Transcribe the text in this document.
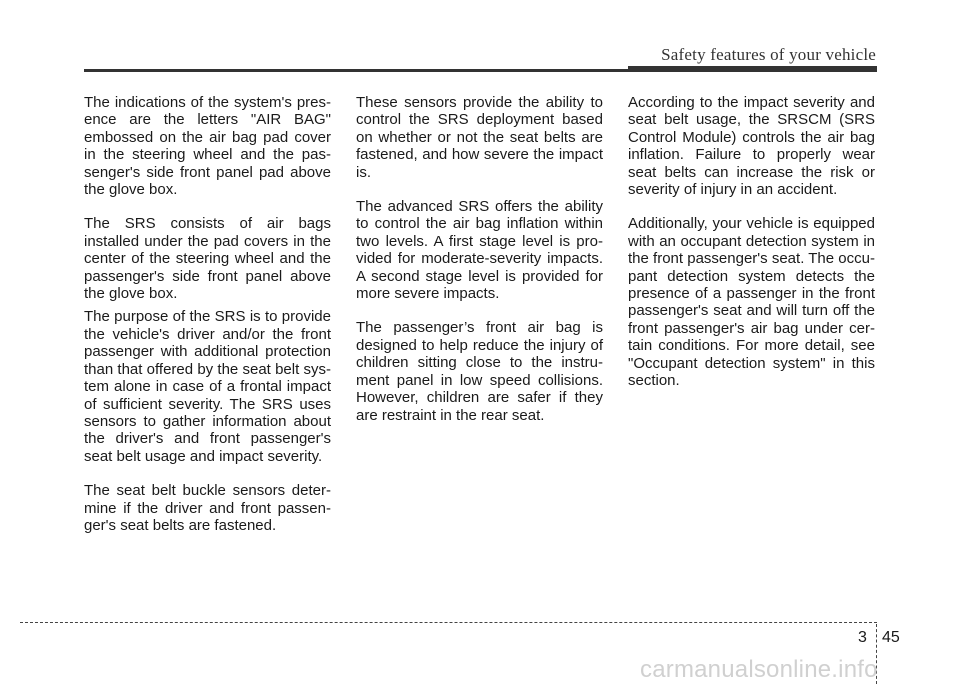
Safety features of your vehicle

The indications of the system's pres- ence are the letters "AIR BAG" embossed on the air bag pad cover in the steering wheel and the pas- senger's side front panel pad above the glove box.

The SRS consists of air bags installed under the pad covers in the center of the steering wheel and the passenger's side front panel above the glove box.

The purpose of the SRS is to provide the vehicle's driver and/or the front passenger with additional protection than that offered by the seat belt sys- tem alone in case of a frontal impact of sufficient severity. The SRS uses sensors to gather information about the driver's and front passenger's seat belt usage and impact severity.

The seat belt buckle sensors deter- mine if the driver and front passen- ger's seat belts are fastened.

These sensors provide the ability to control the SRS deployment based on whether or not the seat belts are fastened, and how severe the impact is.

The advanced SRS offers the ability to control the air bag inflation within two levels. A first stage level is pro- vided for moderate-severity impacts. A second stage level is provided for more severe impacts.

The passenger’s front air bag is designed to help reduce the injury of children sitting close to the instru- ment panel in low speed collisions. However, children are safer if they are restraint in the rear seat.

According to the impact severity and seat belt usage, the SRSCM (SRS Control Module) controls the air bag inflation. Failure to properly wear seat belts can increase the risk or severity of injury in an accident.

Additionally, your vehicle is equipped with an occupant detection system in the front passenger's seat. The occu- pant detection system detects the presence of a passenger in the front passenger's seat and will turn off the front passenger's air bag under cer- tain conditions. For more detail, see "Occupant detection system" in this section.

3 45
carmanualsonline.info
